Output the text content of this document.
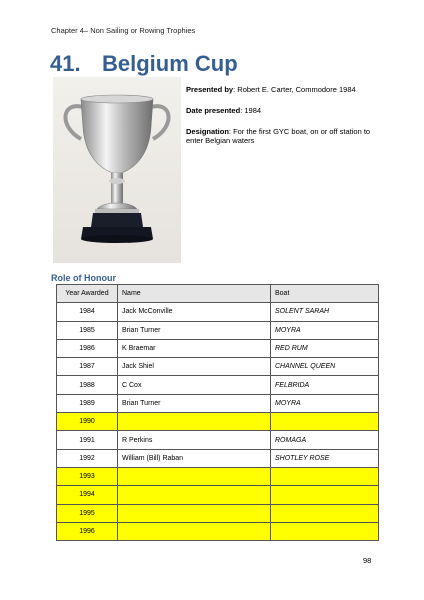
Chapter 4– Non Sailing or Rowing Trophies
41. Belgium Cup

Presented by: Robert E. Carter, Commodore 1984

Date presented: 1984

Designation: For the first GYC boat, on or off station to enter Belgian waters

Role of Honour
Year Awarded	Name	Boat
1984	Jack McConville	SOLENT SARAH
1985	Brian Turner	MOYRA
1986	K Braemar	RED RUM
1987	Jack Shiel	CHANNEL QUEEN
1988	C Cox	FELBRIDA
1989	Brian Turner	MOYRA
1990		
1991	R Perkins	ROMAGA
1992	William (Bill) Raban	SHOTLEY ROSE
1993		
1994		
1995		
1996		
98
